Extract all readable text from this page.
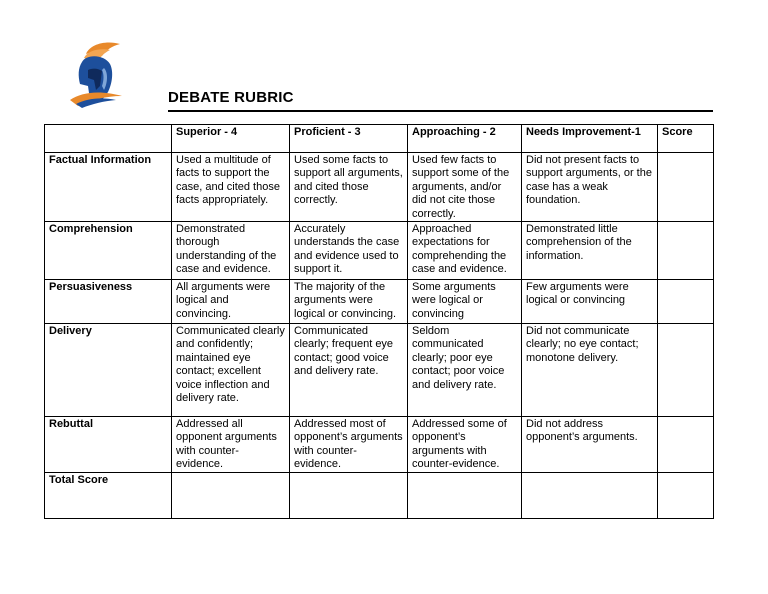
DEBATE RUBRIC
	Superior - 4	Proficient - 3	Approaching - 2	Needs Improvement-1	Score
Factual Information	Used a multitude of facts to support the case, and cited those facts appropriately.	Used some facts to support all arguments, and cited those correctly.	Used few facts to support some of the arguments, and/or did not cite those correctly.	Did not present facts to support arguments, or the case has a weak foundation.	
Comprehension	Demonstrated thorough understanding of the case and evidence.	Accurately understands the case and evidence used to support it.	Approached expectations for comprehending the case and evidence.	Demonstrated little comprehension of the information.	
Persuasiveness	All arguments were logical and convincing.	The majority of the arguments were logical or convincing.	Some arguments were logical or convincing	Few arguments were logical or convincing	
Delivery	Communicated clearly and confidently; maintained eye contact; excellent voice inflection and delivery rate.	Communicated clearly; frequent eye contact; good voice and delivery rate.	Seldom communicated clearly; poor eye contact; poor voice and delivery rate.	Did not communicate clearly; no eye contact; monotone delivery.	
Rebuttal	Addressed all opponent arguments with counter-evidence.	Addressed most of opponent’s arguments with counter-evidence.	Addressed some of opponent’s arguments with counter-evidence.	Did not address opponent’s arguments.	
Total Score					
